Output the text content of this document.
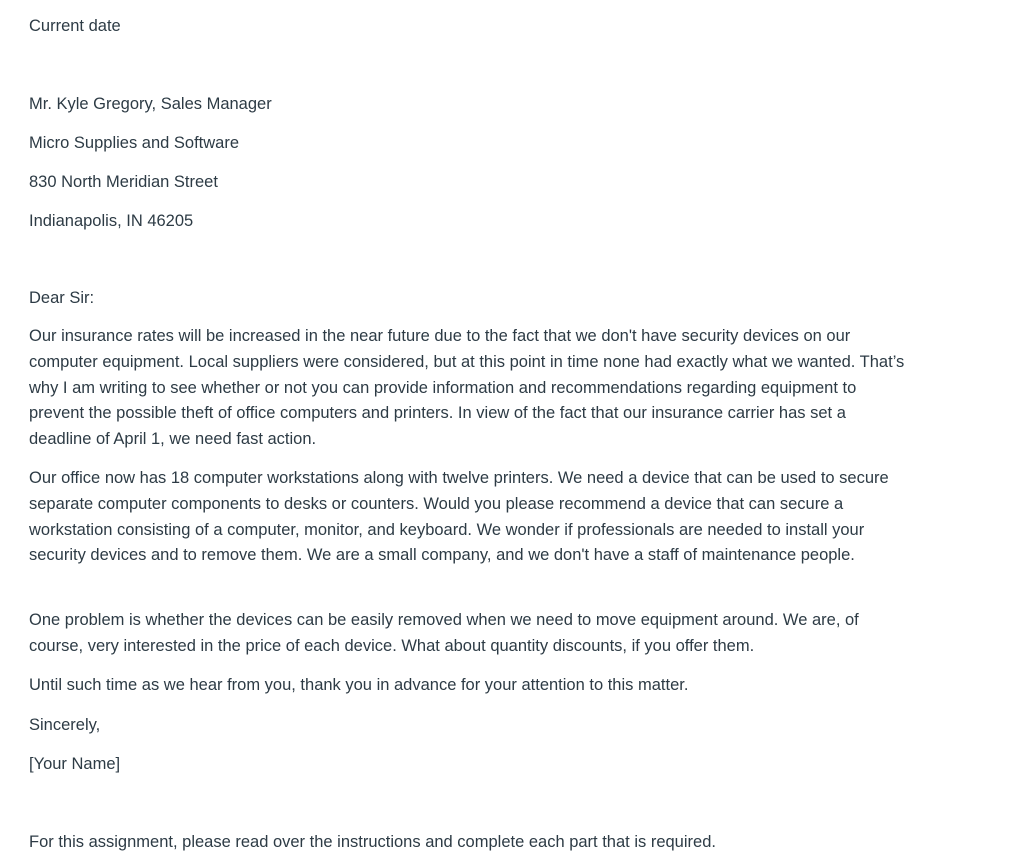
Current date
Mr. Kyle Gregory, Sales Manager
Micro Supplies and Software
830 North Meridian Street
Indianapolis, IN 46205
Dear Sir:

Our insurance rates will be increased in the near future due to the fact that we don't have security devices on our computer equipment. Local suppliers were considered, but at this point in time none had exactly what we wanted. That’s why I am writing to see whether or not you can provide information and recommendations regarding equipment to prevent the possible theft of office computers and printers. In view of the fact that our insurance carrier has set a deadline of April 1, we need fast action.

Our office now has 18 computer workstations along with twelve printers. We need a device that can be used to secure separate computer components to desks or counters. Would you please recommend a device that can secure a workstation consisting of a computer, monitor, and keyboard. We wonder if professionals are needed to install your security devices and to remove them. We are a small company, and we don't have a staff of maintenance people.

One problem is whether the devices can be easily removed when we need to move equipment around. We are, of course, very interested in the price of each device. What about quantity discounts, if you offer them.

Until such time as we hear from you, thank you in advance for your attention to this matter.

Sincerely,
[Your Name]
For this assignment, please read over the instructions and complete each part that is required.
